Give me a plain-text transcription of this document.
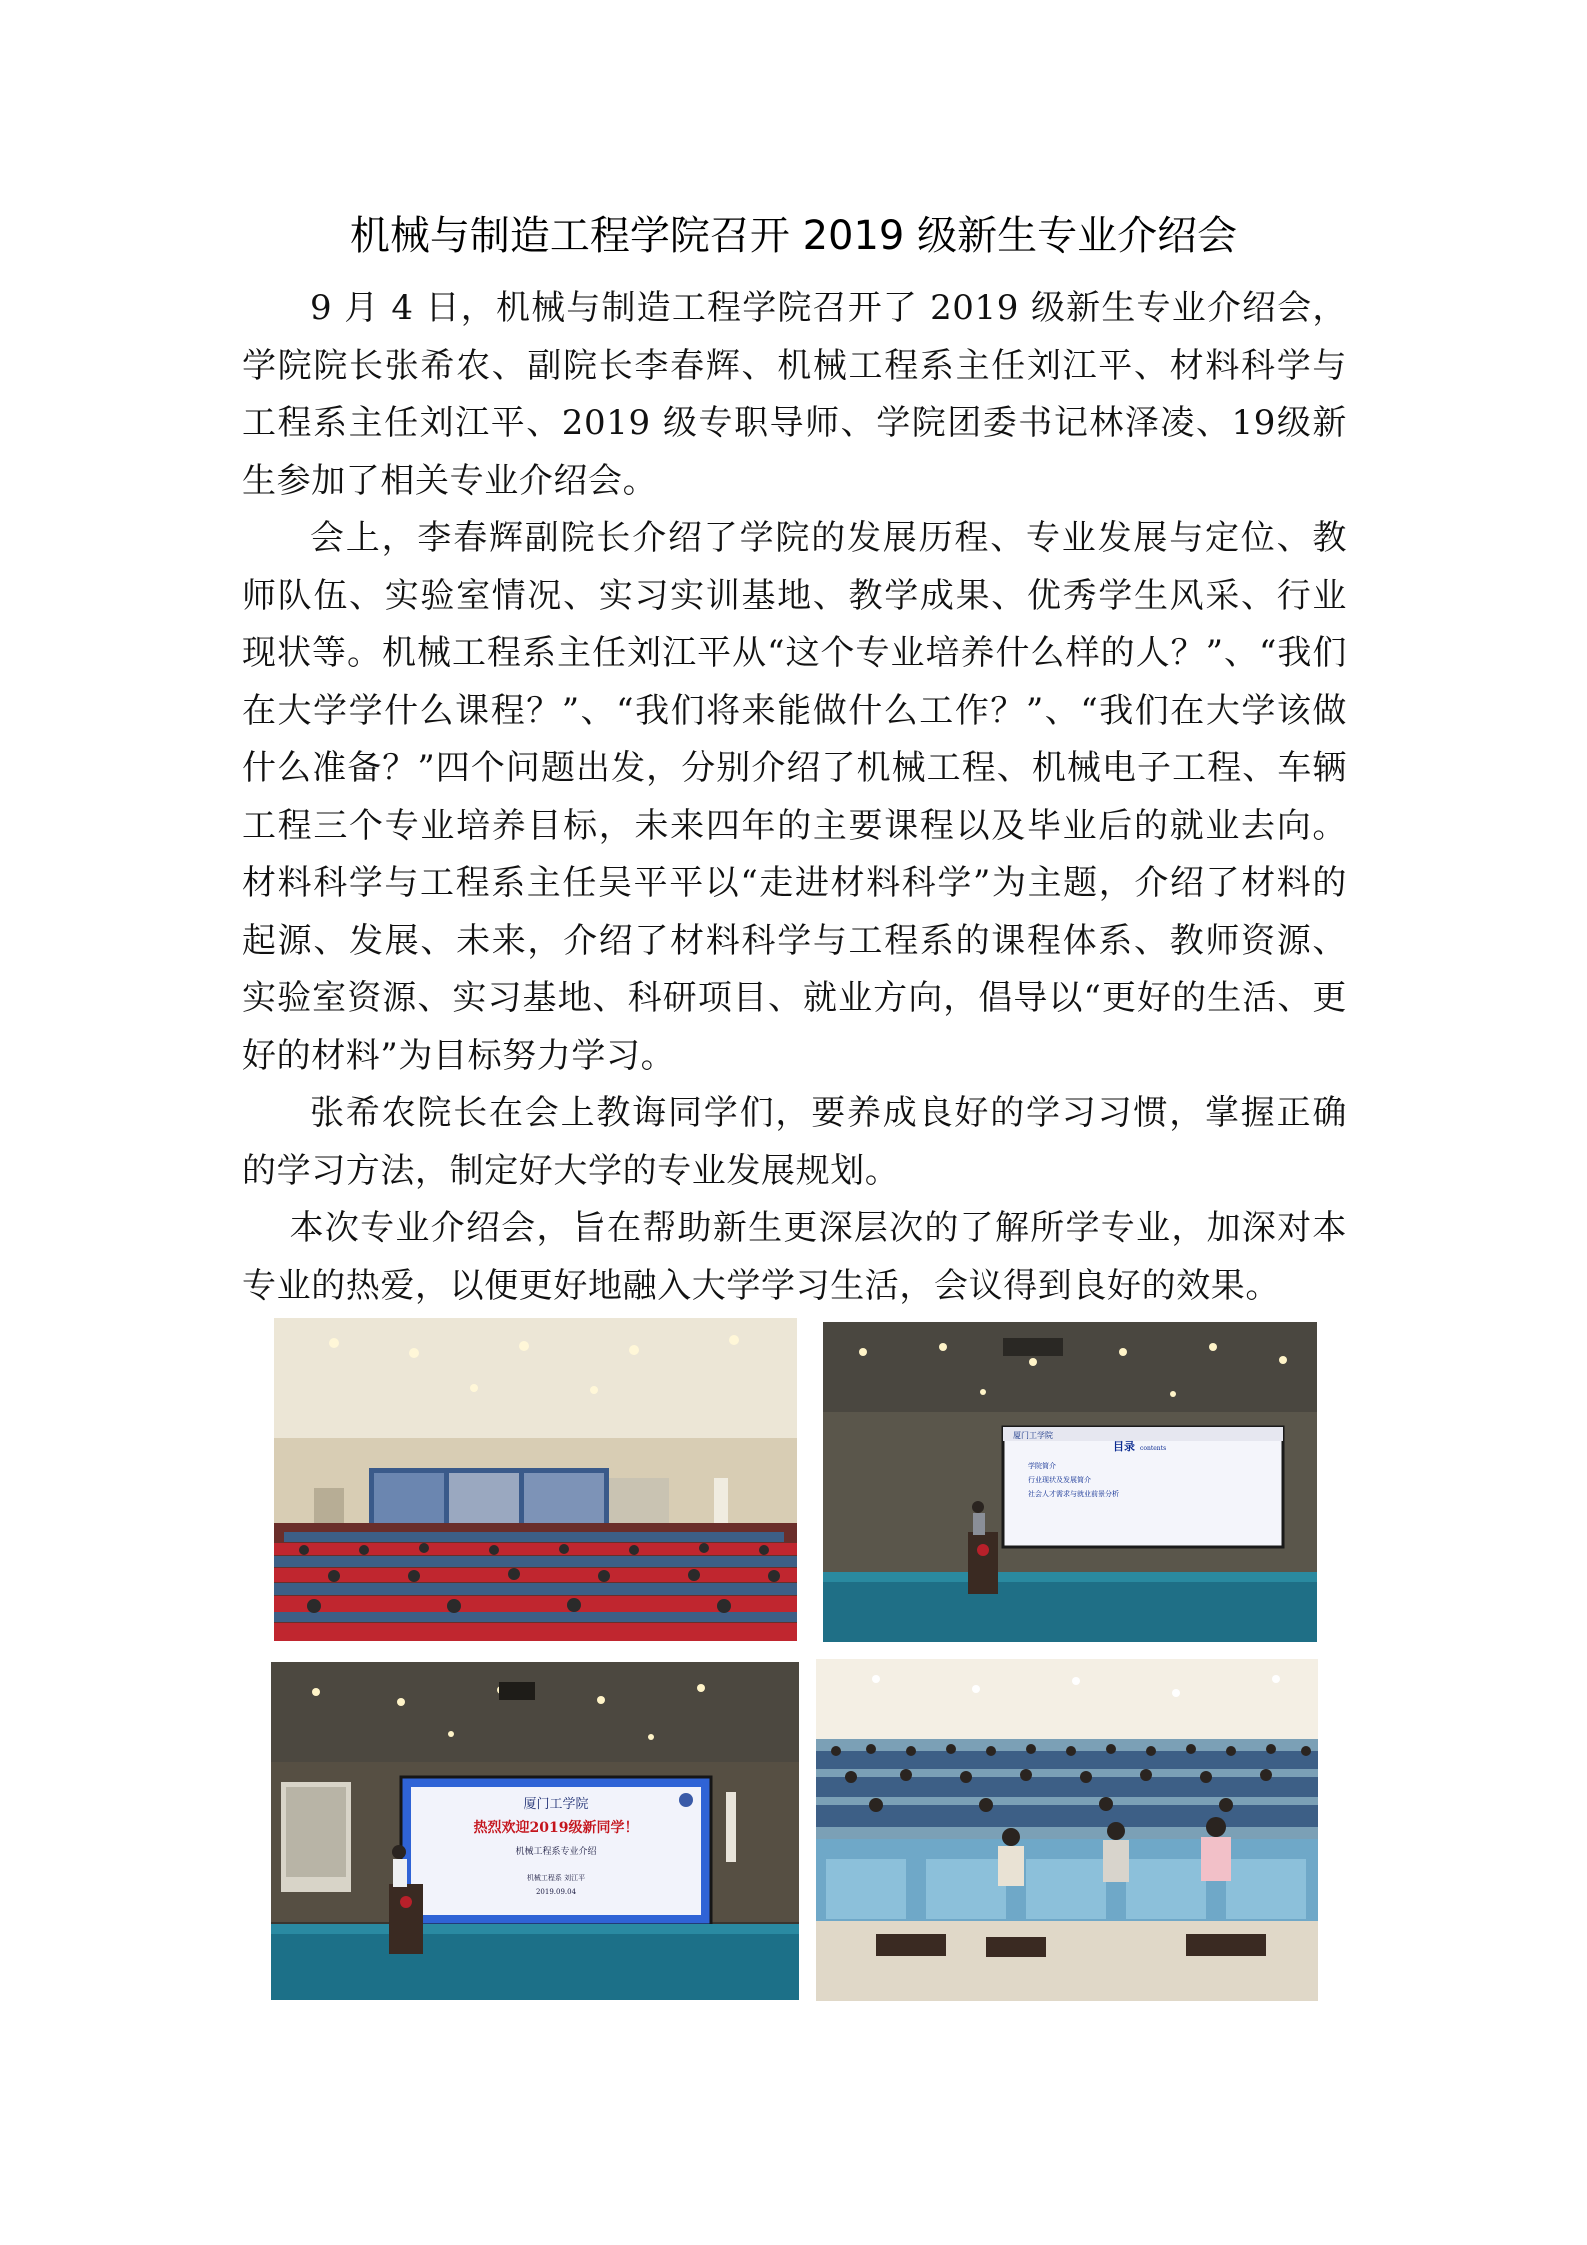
机械与制造工程学院召开 2019 级新生专业介绍会

9 月 4 日，机械与制造工程学院召开了 2019 级新生专业介绍会，学院院长张希农、副院长李春辉、机械工程系主任刘江平、材料科学与工程系主任刘江平、2019 级专职导师、学院团委书记林泽凌、19级新生参加了相关专业介绍会。

会上，李春辉副院长介绍了学院的发展历程、专业发展与定位、教师队伍、实验室情况、实习实训基地、教学成果、优秀学生风采、行业现状等。机械工程系主任刘江平从“这个专业培养什么样的人？”、“我们在大学学什么课程？”、“我们将来能做什么工作？”、“我们在大学该做什么准备？”四个问题出发，分别介绍了机械工程、机械电子工程、车辆工程三个专业培养目标，未来四年的主要课程以及毕业后的就业去向。材料科学与工程系主任吴平平以“走进材料科学”为主题，介绍了材料的起源、发展、未来，介绍了材料科学与工程系的课程体系、教师资源、实验室资源、实习基地、科研项目、就业方向，倡导以“更好的生活、更好的材料”为目标努力学习。

张希农院长在会上教诲同学们，要养成良好的学习习惯，掌握正确的学习方法，制定好大学的专业发展规划。

本次专业介绍会，旨在帮助新生更深层次的了解所学专业，加深对本专业的热爱，以便更好地融入大学学习生活，会议得到良好的效果。

厦门工学院
目录 contents
学院简介
行业现状及发展简介
社会人才需求与就业前景分析
厦门工学院
热烈欢迎2019级新同学！
机械工程系专业介绍
机械工程系 刘江平
2019.09.04
